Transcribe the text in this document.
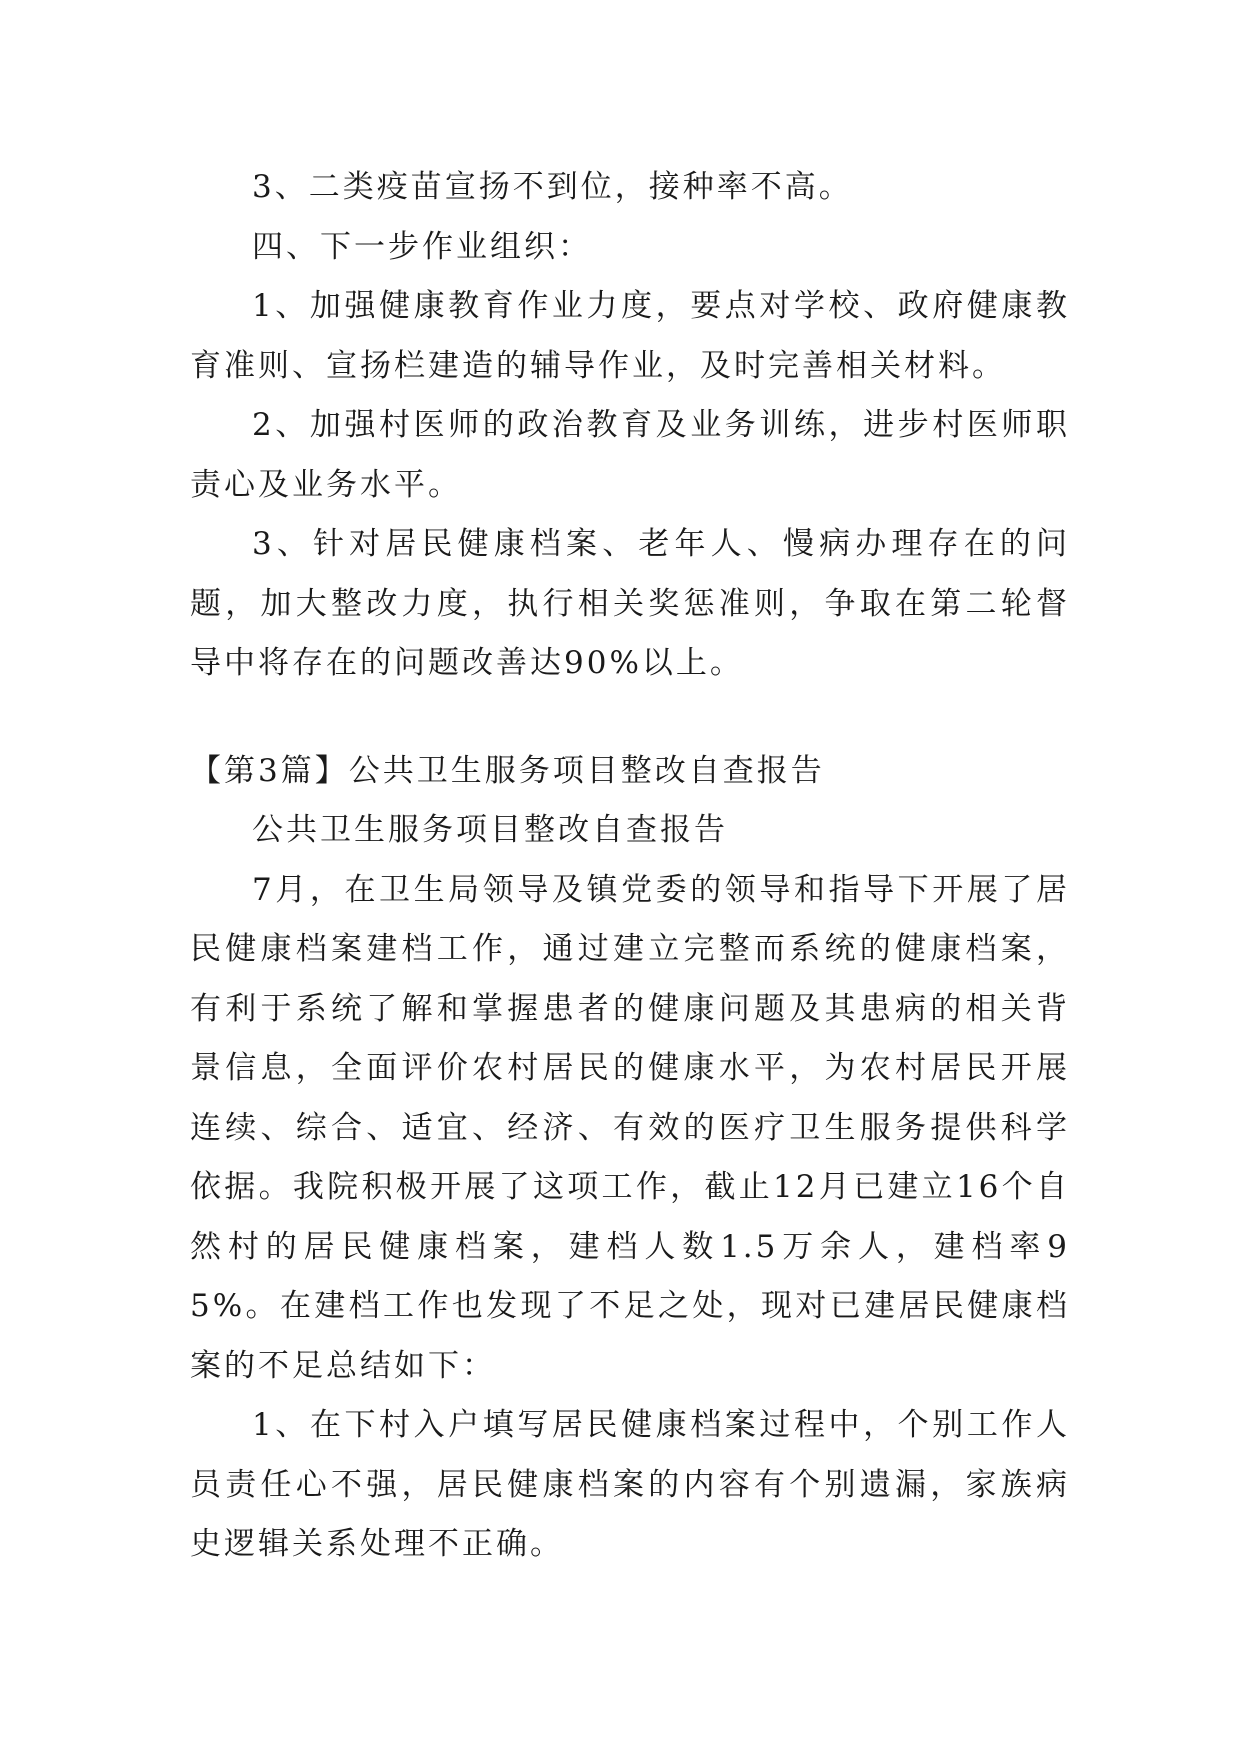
3、二类疫苗宣扬不到位，接种率不高。

四、下一步作业组织：

1、加强健康教育作业力度，要点对学校、政府健康教育准则、宣扬栏建造的辅导作业，及时完善相关材料。

2、加强村医师的政治教育及业务训练，进步村医师职责心及业务水平。

3、针对居民健康档案、老年人、慢病办理存在的问题，加大整改力度，执行相关奖惩准则，争取在第二轮督导中将存在的问题改善达90%以上。

【第3篇】公共卫生服务项目整改自查报告

公共卫生服务项目整改自查报告

7月，在卫生局领导及镇党委的领导和指导下开展了居民健康档案建档工作，通过建立完整而系统的健康档案，有利于系统了解和掌握患者的健康问题及其患病的相关背景信息，全面评价农村居民的健康水平，为农村居民开展连续、综合、适宜、经济、有效的医疗卫生服务提供科学依据。我院积极开展了这项工作，截止12月已建立16个自然村的居民健康档案，建档人数1.5万余人，建档率95%。在建档工作也发现了不足之处，现对已建居民健康档案的不足总结如下：

1、在下村入户填写居民健康档案过程中，个别工作人员责任心不强，居民健康档案的内容有个别遗漏，家族病史逻辑关系处理不正确。
